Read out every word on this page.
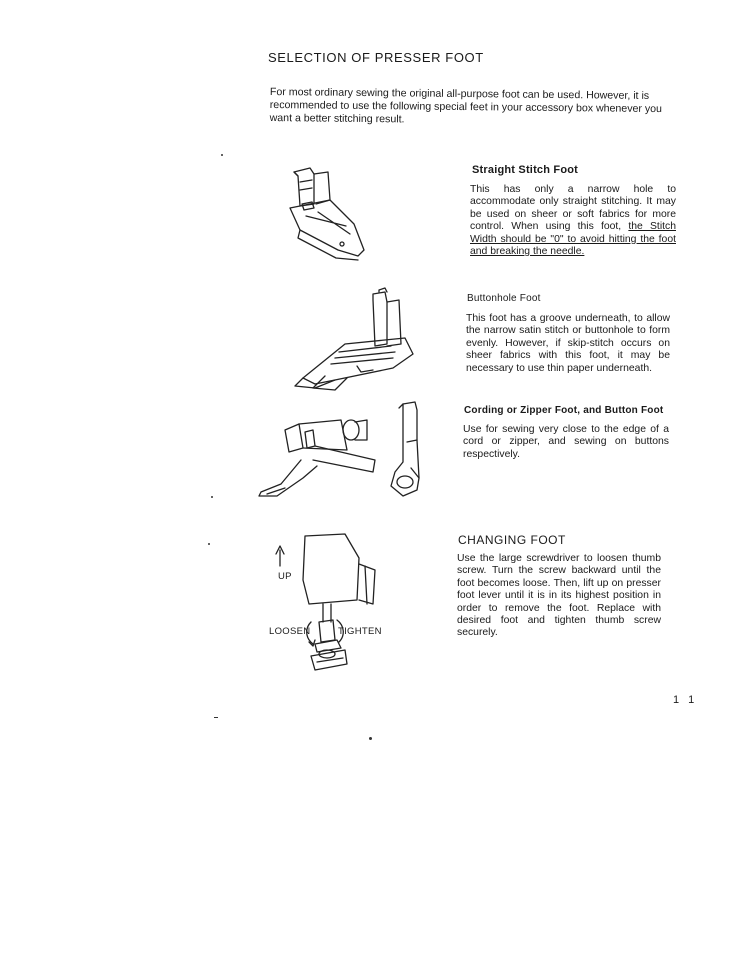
SELECTION OF PRESSER FOOT
For most ordinary sewing the original all-purpose foot can be used. However, it is recommended to use the following special feet in your accessory box whenever you want a better stitching result.
Straight Stitch Foot
This has only a narrow hole to accommodate only straight stitching. It may be used on sheer or soft fabrics for more control. When using this foot, the Stitch Width should be "0" to avoid hitting the foot and breaking the needle.
Buttonhole Foot
This foot has a groove underneath, to allow the narrow satin stitch or buttonhole to form evenly. However, if skip-stitch occurs on sheer fabrics with this foot, it may be necessary to use thin paper underneath.
Cording or Zipper Foot, and Button Foot
Use for sewing very close to the edge of a cord or zipper, and sewing on buttons respectively.
CHANGING FOOT
Use the large screwdriver to loosen thumb screw. Turn the screw backward until the foot becomes loose. Then, lift up on presser foot lever until it is in its highest position in order to remove the foot. Replace with desired foot and tighten thumb screw securely.
UP
LOOSEN	TIGHTEN
1 1
